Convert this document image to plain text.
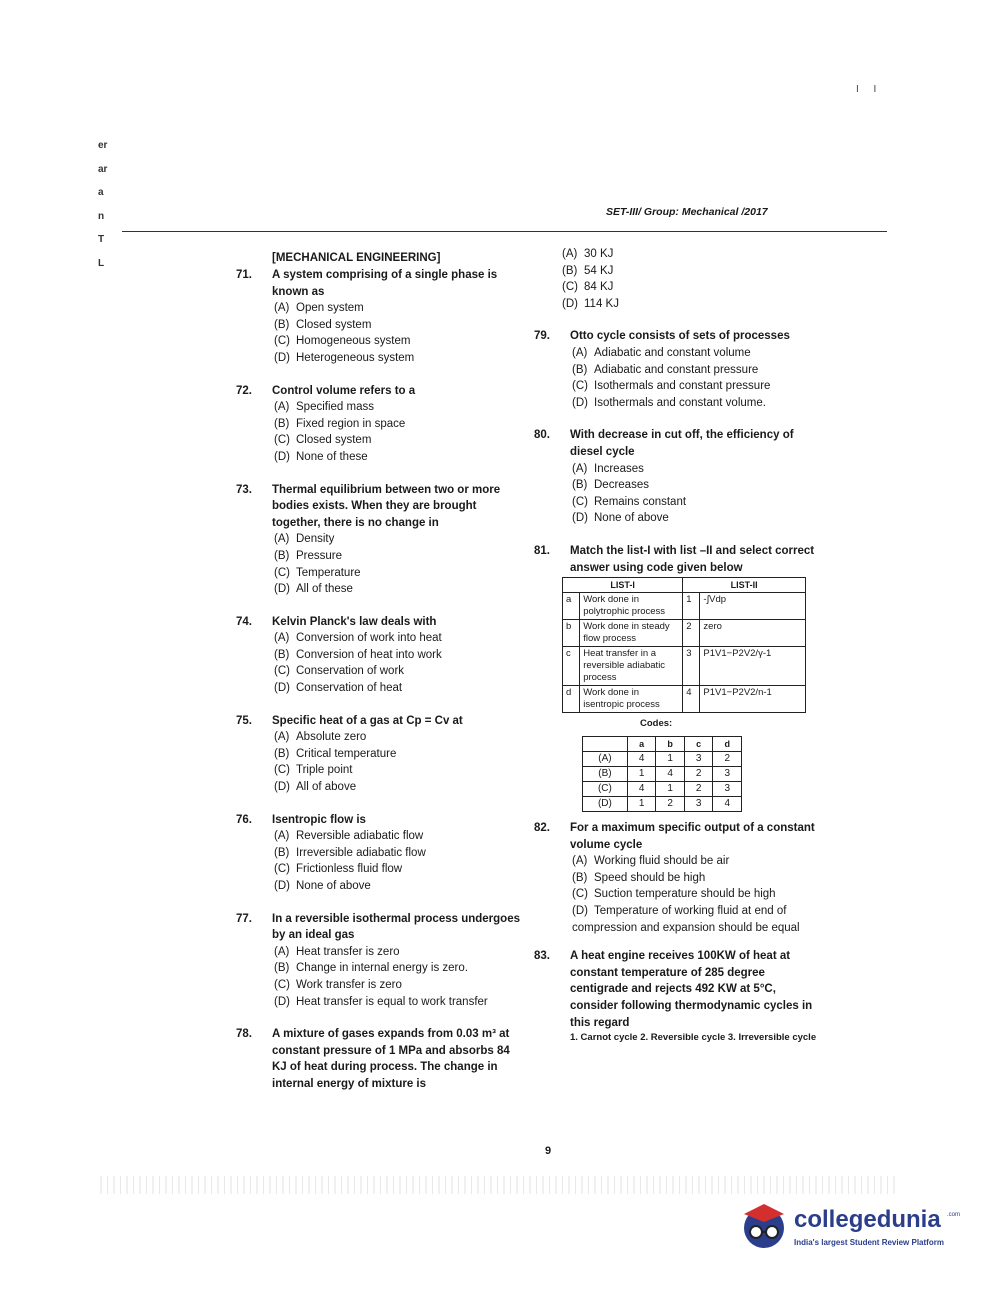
SET-III/ Group: Mechanical /2017
I I
er
ar
a
n
T
L	[MECHANICAL ENGINEERING]
71. A system comprising of a single phase is known as
(A) Open system
(B) Closed system
(C) Homogeneous system
(D) Heterogeneous system
72. Control volume refers to a
(A) Specified mass
(B) Fixed region in space
(C) Closed system
(D) None of these
73. Thermal equilibrium between two or more bodies exists. When they are brought together, there is no change in
(A) Density
(B) Pressure
(C) Temperature
(D) All of these
74. Kelvin Planck's law deals with
(A) Conversion of work into heat
(B) Conversion of heat into work
(C) Conservation of work
(D) Conservation of heat
75. Specific heat of a gas at Cp = Cv at
(A) Absolute zero
(B) Critical temperature
(C) Triple point
(D) All of above
76. Isentropic flow is
(A) Reversible adiabatic flow
(B) Irreversible adiabatic flow
(C) Frictionless fluid flow
(D) None of above
77. In a reversible isothermal process undergoes by an ideal gas
(A) Heat transfer is zero
(B) Change in internal energy is zero.
(C) Work transfer is zero
(D) Heat transfer is equal to work transfer
78. A mixture of gases expands from 0.03 m³ at constant pressure of 1 MPa and absorbs 84 KJ of heat during process. The change in internal energy of mixture is
(A) 30 KJ
(B) 54 KJ
(C) 84 KJ
(D) 114 KJ
79. Otto cycle consists of sets of processes
(A) Adiabatic and constant volume
(B) Adiabatic and constant pressure
(C) Isothermals and constant pressure
(D) Isothermals and constant volume.
80. With decrease in cut off, the efficiency of diesel cycle
(A) Increases
(B) Decreases
(C) Remains constant
(D) None of above
81. Match the list-I with list –II and select correct answer using code given below
LIST-I		LIST-II	
a	Work done in polytrophic process	1	-∫Vdp
b	Work done in steady flow process	2	zero
c	Heat transfer in a reversible adiabatic process	3	P1V1−P2V2/γ-1
d	Work done in isentropic process	4	P1V1−P2V2/n-1
Codes:
	a	b	c	d
(A)	4	1	3	2
(B)	1	4	2	3
(C)	4	1	2	3
(D)	1	2	3	4
82. For a maximum specific output of a constant volume cycle
(A) Working fluid should be air
(B) Speed should be high
(C) Suction temperature should be high
(D) Temperature of working fluid at end of compression and expansion should be equal
83. A heat engine receives 100KW of heat at constant temperature of 285 degree centigrade and rejects 492 KW at 5°C, consider following thermodynamic cycles in this regard
1. Carnot cycle 2. Reversible cycle 3. Irreversible cycle
9
collegedunia .com
India's largest Student Review Platform
